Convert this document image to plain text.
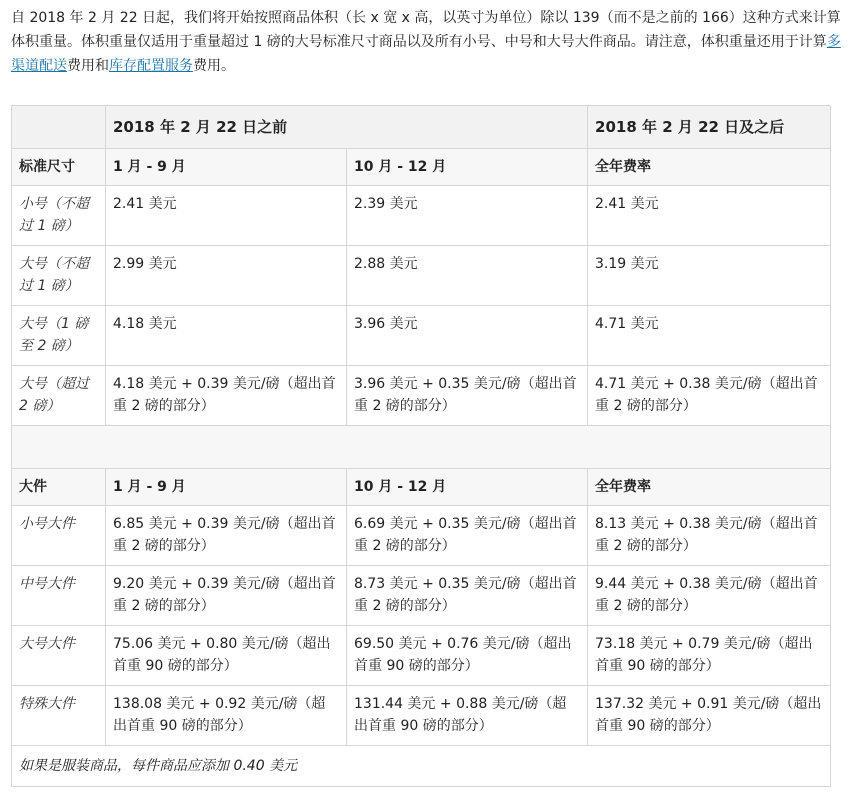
自 2018 年 2 月 22 日起，我们将开始按照商品体积（长 x 宽 x 高，以英寸为单位）除以 139（而不是之前的 166）这种方式来计算体积重量。体积重量仅适用于重量超过 1 磅的大号标准尺寸商品以及所有小号、中号和大号大件商品。请注意，体积重量还用于计算多渠道配送费用和库存配置服务费用。
	2018 年 2 月 22 日之前		2018 年 2 月 22 日及之后
标准尺寸	1 月 - 9 月	10 月 - 12 月	全年费率
小号（不超过 1 磅）	2.41 美元	2.39 美元	2.41 美元
大号（不超过 1 磅）	2.99 美元	2.88 美元	3.19 美元
大号（1 磅至 2 磅）	4.18 美元	3.96 美元	4.71 美元
大号（超过 2 磅）	4.18 美元 + 0.39 美元/磅（超出首重 2 磅的部分）	3.96 美元 + 0.35 美元/磅（超出首重 2 磅的部分）	4.71 美元 + 0.38 美元/磅（超出首重 2 磅的部分）

大件	1 月 - 9 月	10 月 - 12 月	全年费率
小号大件	6.85 美元 + 0.39 美元/磅（超出首重 2 磅的部分）	6.69 美元 + 0.35 美元/磅（超出首重 2 磅的部分）	8.13 美元 + 0.38 美元/磅（超出首重 2 磅的部分）
中号大件	9.20 美元 + 0.39 美元/磅（超出首重 2 磅的部分）	8.73 美元 + 0.35 美元/磅（超出首重 2 磅的部分）	9.44 美元 + 0.38 美元/磅（超出首重 2 磅的部分）
大号大件	75.06 美元 + 0.80 美元/磅（超出首重 90 磅的部分）	69.50 美元 + 0.76 美元/磅（超出首重 90 磅的部分）	73.18 美元 + 0.79 美元/磅（超出首重 90 磅的部分）
特殊大件	138.08 美元 + 0.92 美元/磅（超出首重 90 磅的部分）	131.44 美元 + 0.88 美元/磅（超出首重 90 磅的部分）	137.32 美元 + 0.91 美元/磅（超出首重 90 磅的部分）
如果是服装商品，每件商品应添加 0.40 美元			
